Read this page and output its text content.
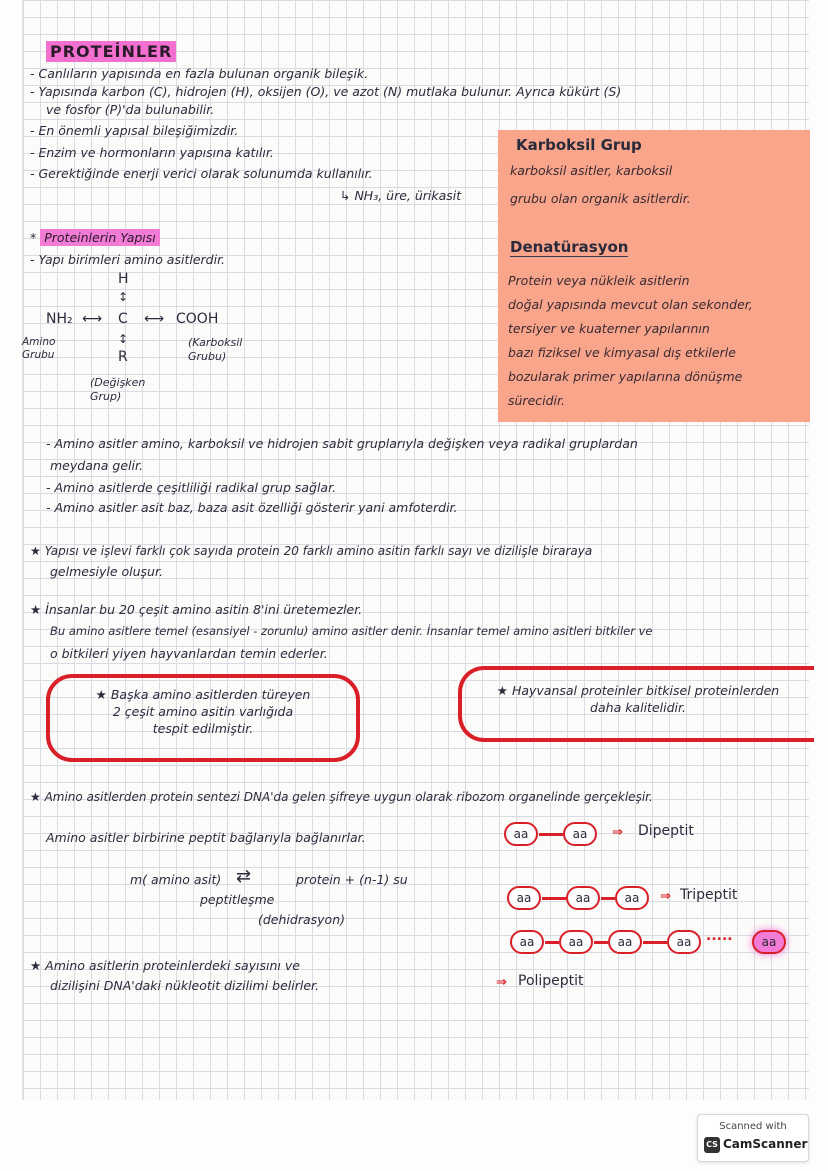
PROTEİNLER
- Canlıların yapısında en fazla bulunan organik bileşik.
- Yapısında karbon (C), hidrojen (H), oksijen (O), ve azot (N) mutlaka bulunur. Ayrıca kükürt (S)
ve fosfor (P)'da bulunabilir.
- En önemli yapısal bileşiğimizdir.
- Enzim ve hormonların yapısına katılır.
- Gerektiğinde enerji verici olarak solunumda kullanılır.
↳ NH₃, üre, ürikasit
Karboksil Grup
karboksil asitler, karboksil
grubu olan organik asitlerdir.
Denatürasyon
Protein veya nükleik asitlerin
doğal yapısında mevcut olan sekonder,
tersiyer ve kuaterner yapılarının
bazı fiziksel ve kimyasal dış etkilerle
bozularak primer yapılarına dönüşme
sürecidir.
* Proteinlerin Yapısı
- Yapı birimleri amino asitlerdir.
H
↕
NH₂ ⟷ C ⟷ COOH
↕
R
Amino Grubu
(Karboksil Grubu)
(Değişken Grup)
- Amino asitler amino, karboksil ve hidrojen sabit gruplarıyla değişken veya radikal gruplardan
meydana gelir.
- Amino asitlerde çeşitliliği radikal grup sağlar.
- Amino asitler asit baz, baza asit özelliği gösterir yani amfoterdir.
★ Yapısı ve işlevi farklı çok sayıda protein 20 farklı amino asitin farklı sayı ve dizilişle biraraya
gelmesiyle oluşur.
★ İnsanlar bu 20 çeşit amino asitin 8'ini üretemezler.
Bu amino asitlere temel (esansiyel - zorunlu) amino asitler denir. İnsanlar temel amino asitleri bitkiler ve
o bitkileri yiyen hayvanlardan temin ederler.
★ Başka amino asitlerden türeyen
2 çeşit amino asitin varlığıda
tespit edilmiştir.
★ Hayvansal proteinler bitkisel proteinlerden
daha kalitelidir.
★ Amino asitlerden protein sentezi DNA'da gelen şifreye uygun olarak ribozom organelinde gerçekleşir.
Amino asitler birbirine peptit bağlarıyla bağlanırlar.
m( amino asit) ⇄	protein + (n-1) su
peptitleşme
(dehidrasyon)
aa	aa	⇒ Dipeptit
aa	aa	aa	⇒ Tripeptit
aa	aa	aa	aa	.....	aa
⇒ Polipeptit
★ Amino asitlerin proteinlerdeki sayısını ve
dizilişini DNA'daki nükleotit dizilimi belirler.
Scanned with
CS CamScanner
